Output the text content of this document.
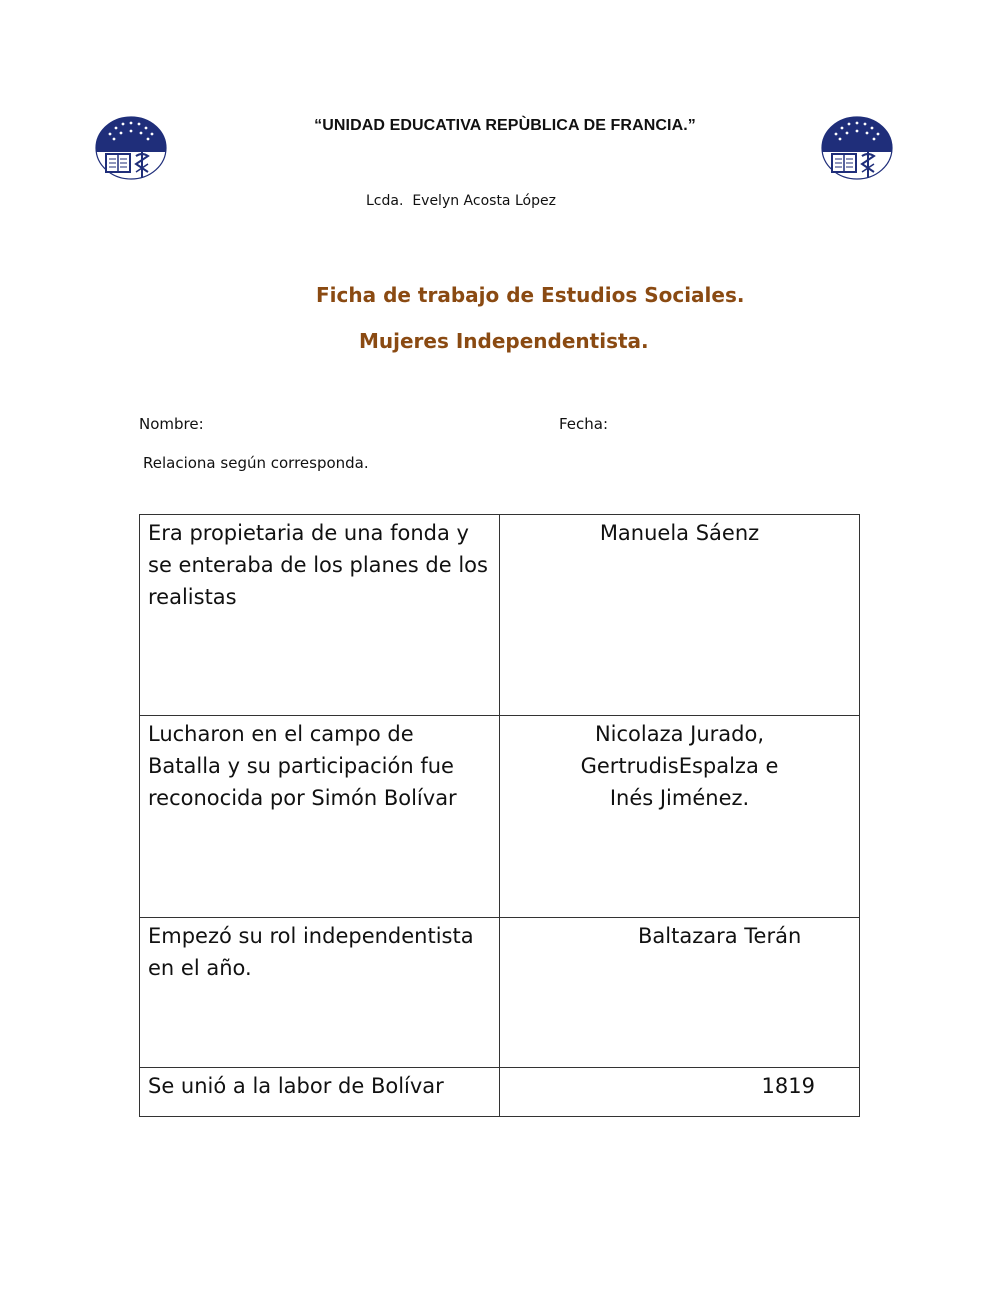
“UNIDAD EDUCATIVA REPÙBLICA DE FRANCIA.”
Lcda.  Evelyn Acosta López
Ficha de trabajo de Estudios Sociales.
Mujeres Independentista.
Nombre:	Fecha:
Relaciona según corresponda.
Era propietaria de una fonda y se enteraba de los planes de los realistas	Manuela Sáenz
Lucharon en el campo de Batalla y su participación fue reconocida por Simón Bolívar	Nicolaza Jurado,
GertrudisEspalza e
Inés Jiménez.

Empezó su rol independentista en el año.	Baltazara Terán
Se unió a la labor de Bolívar	1819
